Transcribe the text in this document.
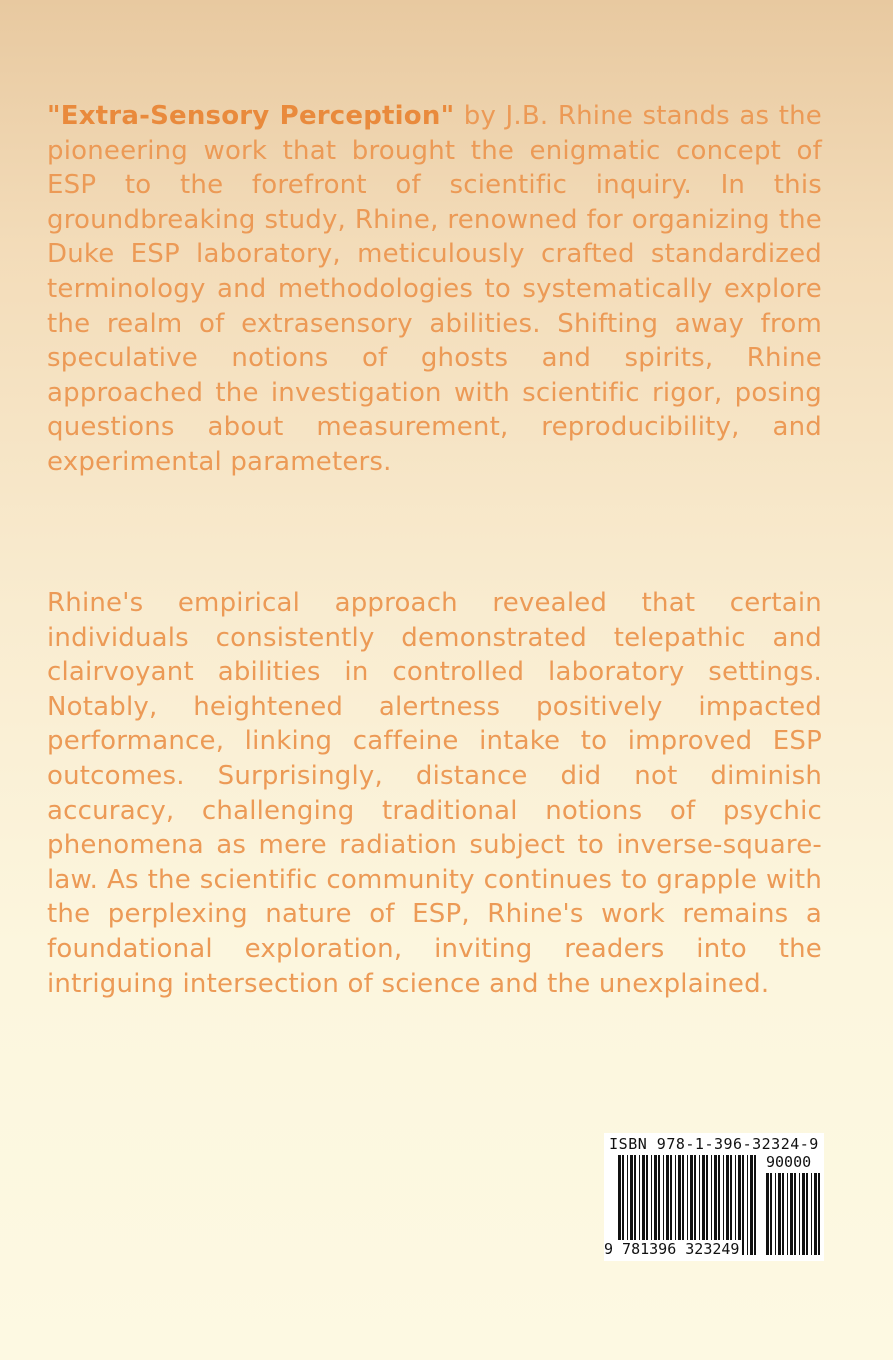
"Extra-Sensory Perception" by J.B. Rhine stands as the pioneering work that brought the enigmatic concept of ESP to the forefront of scientific inquiry. In this groundbreaking study, Rhine, renowned for organizing the Duke ESP laboratory, meticulously crafted standardized terminology and methodologies to systematically explore the realm of extrasensory abilities. Shifting away from speculative notions of ghosts and spirits, Rhine approached the investigation with scientific rigor, posing questions about measurement, reproducibility, and experimental parameters.
Rhine's empirical approach revealed that certain individuals consistently demonstrated telepathic and clairvoyant abilities in controlled laboratory settings. Notably, heightened alertness positively impacted performance, linking caffeine intake to improved ESP outcomes. Surprisingly, distance did not diminish accuracy, challenging traditional notions of psychic phenomena as mere radiation subject to inverse-square-law. As the scientific community continues to grapple with the perplexing nature of ESP, Rhine's work remains a foundational exploration, inviting readers into the intriguing intersection of science and the unexplained.
ISBN 978-1-396-32324-9
90000
9 781396 323249
